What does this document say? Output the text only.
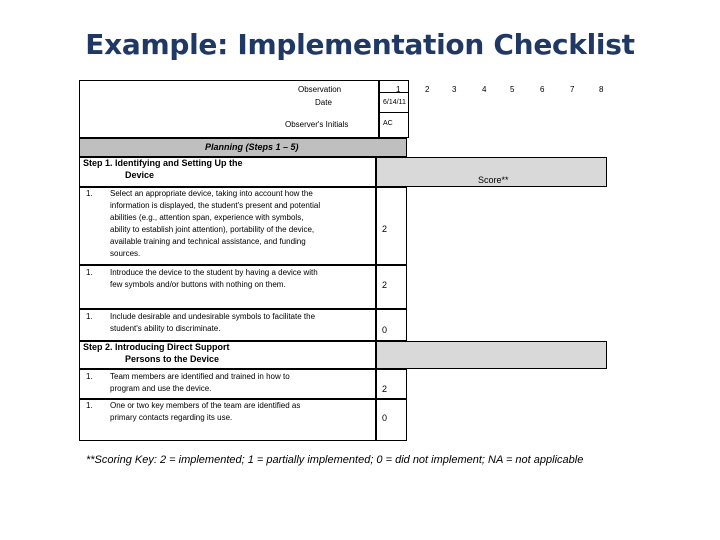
Example: Implementation Checklist
Observation
Date
Observer's Initials
1	2	3	4	5	6	7	8
6/14/11
AC
Planning (Steps 1 – 5)
Step 1. Identifying and Setting Up the
Device	Score**
1. Select an appropriate device, taking into account how the
information is displayed, the student's present and potential
abilities (e.g., attention span, experience with symbols,
ability to establish joint attention), portability of the device,
available training and technical assistance, and funding
sources.
2
1. Introduce the device to the student by having a device with
few symbols and/or buttons with nothing on them.	2
1. Include desirable and undesirable symbols to facilitate the
student's ability to discriminate.	0
Step 2. Introducing Direct Support
Persons to the Device
1. Team members are identified and trained in how to
program and use the device.	2
1. One or two key members of the team are identified as
primary contacts regarding its use.	0
**Scoring Key: 2 = implemented; 1 = partially implemented; 0 = did not implement; NA = not applicable
